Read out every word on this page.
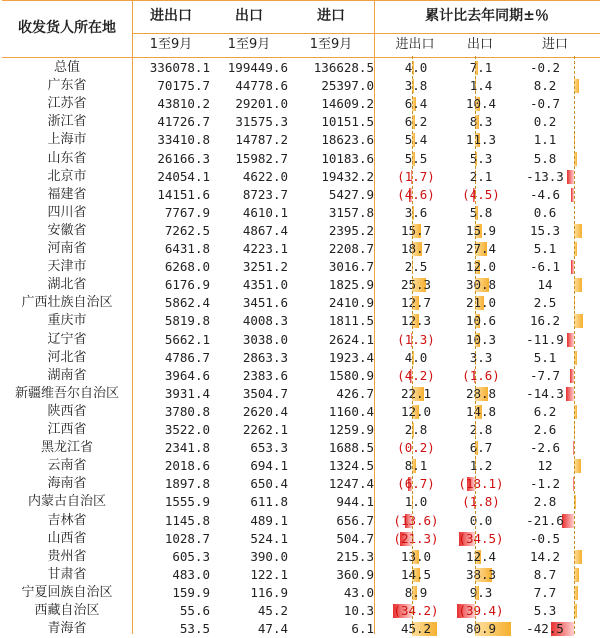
收发货人所在地
进出口	出口	进口	累计比去年同期±％
1至9月	1至9月	1至9月	进出口	出口	进口
总值	336078.1	199449.6	136628.5	4.0	7.1	-0.2
广东省	70175.7	44778.6	25397.0	3.8	1.4	8.2
江苏省	43810.2	29201.0	14609.2	6.4	10.4	-0.7
浙江省	41726.7	31575.3	10151.5	6.2	8.3	0.2
上海市	33410.8	14787.2	18623.6	5.4	11.3	1.1
山东省	26166.3	15982.7	10183.6	5.5	5.3	5.8
北京市	24054.1	4622.0	19432.2	(1.7)	2.1	-13.3
福建省	14151.6	8723.7	5427.9	(4.6)	(4.5)	-4.6
四川省	7767.9	4610.1	3157.8	3.6	5.8	0.6
安徽省	7262.5	4867.4	2395.2	15.7	15.9	15.3
河南省	6431.8	4223.1	2208.7	18.7	27.4	5.1
天津市	6268.0	3251.2	3016.7	2.5	12.0	-6.1
湖北省	6176.9	4351.0	1825.9	25.3	30.8	14
广西壮族自治区	5862.4	3451.6	2410.9	12.7	21.0	2.5
重庆市	5819.8	4008.3	1811.5	12.3	10.6	16.2
辽宁省	5662.1	3038.0	2624.1	(1.3)	10.3	-11.9
河北省	4786.7	2863.3	1923.4	4.0	3.3	5.1
湖南省	3964.6	2383.6	1580.9	(4.2)	(1.6)	-7.7
新疆维吾尔自治区	3931.4	3504.7	426.7	22.1	28.8	-14.3
陕西省	3780.8	2620.4	1160.4	12.0	14.8	6.2
江西省	3522.0	2262.1	1259.9	2.8	2.8	2.6
黑龙江省	2341.8	653.3	1688.5	(0.2)	6.7	-2.6
云南省	2018.6	694.1	1324.5	8.1	1.2	12
海南省	1897.8	650.4	1247.4	(6.7)	(18.1)	-1.2
内蒙古自治区	1555.9	611.8	944.1	1.0	(1.8)	2.8
吉林省	1145.8	489.1	656.7	(13.6)	0.0	-21.6
山西省	1028.7	524.1	504.7	(21.3)	(34.5)	-0.5
贵州省	605.3	390.0	215.3	13.0	12.4	14.2
甘肃省	483.0	122.1	360.9	14.5	38.3	8.7
宁夏回族自治区	159.9	116.9	43.0	8.9	9.3	7.7
西藏自治区	55.6	45.2	10.3	(34.2)	(39.4)	5.3
青海省	53.5	47.4	6.1	45.2	80.9	-42.5
